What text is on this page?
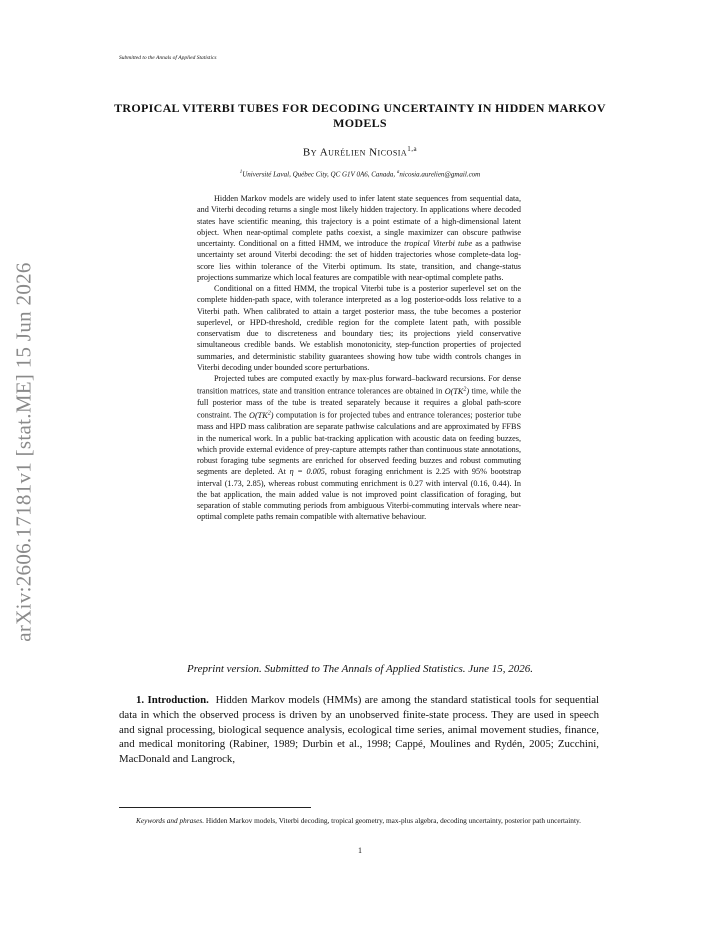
Submitted to the Annals of Applied Statistics
arXiv:2606.17181v1 [stat.ME] 15 Jun 2026
TROPICAL VITERBI TUBES FOR DECODING UNCERTAINTY IN HIDDEN MARKOV MODELS
By Aurélien Nicosia$^{1,a}$
$^1$Université Laval, Québec City, QC G1V 0A6, Canada, $^a$nicosia.aurelien@gmail.com

Hidden Markov models are widely used to infer latent state sequences from sequential data, and Viterbi decoding returns a single most likely hidden trajectory. In applications where decoded states have scientific meaning, this trajectory is a point estimate of a high-dimensional latent object. When near-optimal complete paths coexist, a single maximizer can obscure pathwise uncertainty. Conditional on a fitted HMM, we introduce the tropical Viterbi tube as a pathwise uncertainty set around Viterbi decoding: the set of hidden trajectories whose complete-data log-score lies within tolerance of the Viterbi optimum. Its state, transition, and change-status projections summarize which local features are compatible with near-optimal complete paths.

Conditional on a fitted HMM, the tropical Viterbi tube is a posterior superlevel set on the complete hidden-path space, with tolerance interpreted as a log posterior-odds loss relative to a Viterbi path. When calibrated to attain a target posterior mass, the tube becomes a posterior superlevel, or HPD-threshold, credible region for the complete latent path, with possible conservatism due to discreteness and boundary ties; its projections yield conservative simultaneous credible bands. We establish monotonicity, step-function properties of projected summaries, and deterministic stability guarantees showing how tube width controls changes in Viterbi decoding under bounded score perturbations.

Projected tubes are computed exactly by max-plus forward–backward recursions. For dense transition matrices, state and transition entrance tolerances are obtained in $O(TK^2)$ time, while the full posterior mass of the tube is treated separately because it requires a global path-score constraint. The $O(TK^2)$ computation is for projected tubes and entrance tolerances; posterior tube mass and HPD mass calibration are separate pathwise calculations and are approximated by FFBS in the numerical work. In a public bat-tracking application with acoustic data on feeding buzzes, which provide external evidence of prey-capture attempts rather than continuous state annotations, robust foraging tube segments are enriched for observed feeding buzzes and robust commuting segments are depleted. At η = 0.005, robust foraging enrichment is 2.25 with 95% bootstrap interval (1.73, 2.85), whereas robust commuting enrichment is 0.27 with interval (0.16, 0.44). In the bat application, the main added value is not improved point classification of foraging, but separation of stable commuting periods from ambiguous Viterbi-commuting intervals where near-optimal complete paths remain compatible with alternative behaviour.

Preprint version. Submitted to The Annals of Applied Statistics. June 15, 2026.

1. Introduction. Hidden Markov models (HMMs) are among the standard statistical tools for sequential data in which the observed process is driven by an unobserved finite-state process. They are used in speech and signal processing, biological sequence analysis, ecological time series, animal movement studies, finance, and medical monitoring (Rabiner, 1989; Durbin et al., 1998; Cappé, Moulines and Rydén, 2005; Zucchini, MacDonald and Langrock,

Keywords and phrases. Hidden Markov models, Viterbi decoding, tropical geometry, max-plus algebra, decoding uncertainty, posterior path uncertainty.

1
